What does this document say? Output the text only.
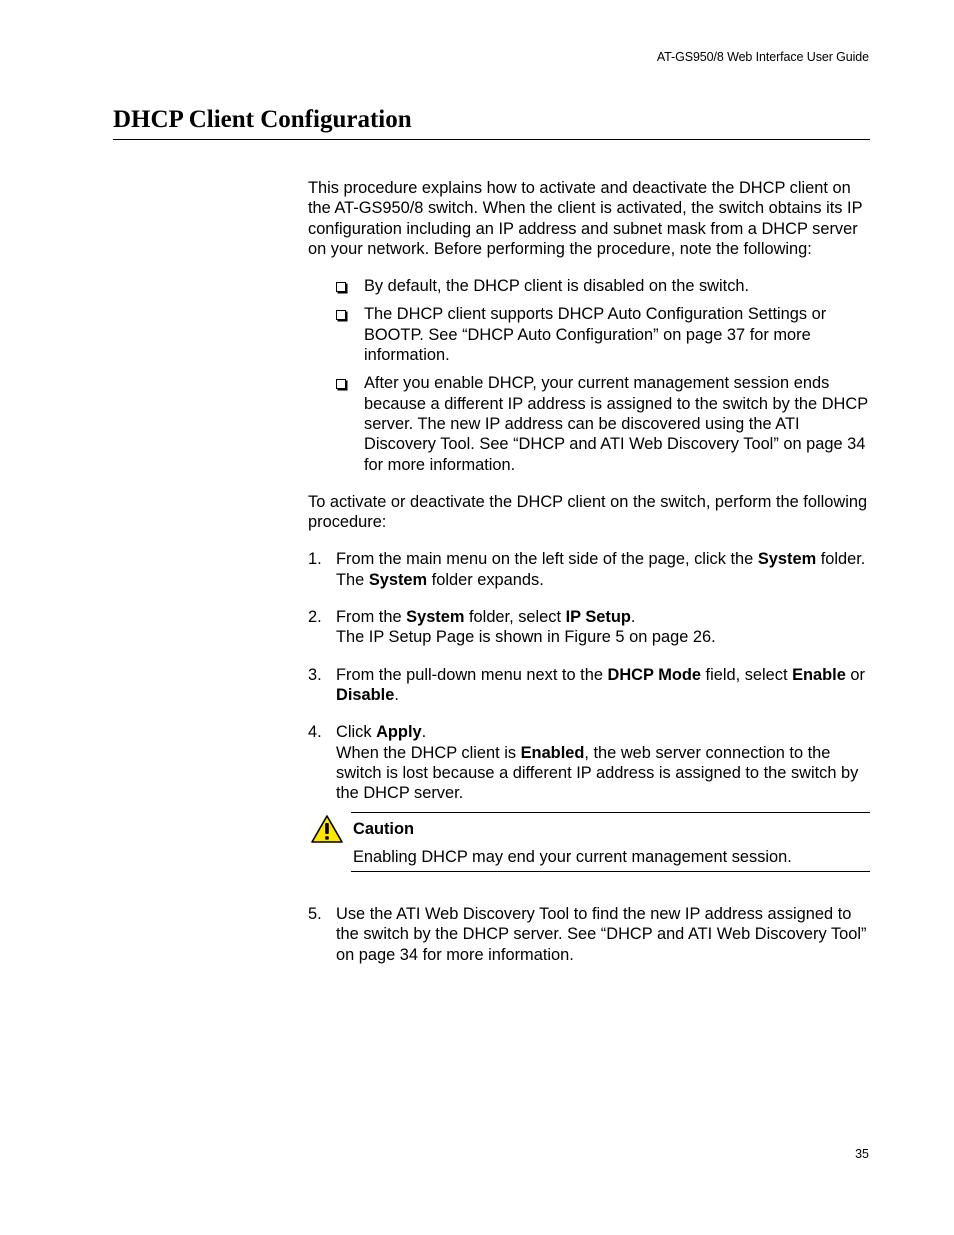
AT-GS950/8 Web Interface User Guide
DHCP Client Configuration

This procedure explains how to activate and deactivate the DHCP client on the AT-GS950/8 switch. When the client is activated, the switch obtains its IP configuration including an IP address and subnet mask from a DHCP server on your network. Before performing the procedure, note the following:

By default, the DHCP client is disabled on the switch.
The DHCP client supports DHCP Auto Configuration Settings or BOOTP. See “DHCP Auto Configuration” on page 37 for more information.
After you enable DHCP, your current management session ends because a different IP address is assigned to the switch by the DHCP server. The new IP address can be discovered using the ATI Discovery Tool. See “DHCP and ATI Web Discovery Tool” on page 34 for more information.

To activate or deactivate the DHCP client on the switch, perform the following procedure:

1. From the main menu on the left side of the page, click the System folder.
The System folder expands.
2. From the System folder, select IP Setup.
The IP Setup Page is shown in Figure 5 on page 26.
3. From the pull-down menu next to the DHCP Mode field, select Enable or Disable.
4. Click Apply.
When the DHCP client is Enabled, the web server connection to the switch is lost because a different IP address is assigned to the switch by the DHCP server.

Caution

Enabling DHCP may end your current management session.

5. Use the ATI Web Discovery Tool to find the new IP address assigned to the switch by the DHCP server. See “DHCP and ATI Web Discovery Tool” on page 34 for more information.
35
